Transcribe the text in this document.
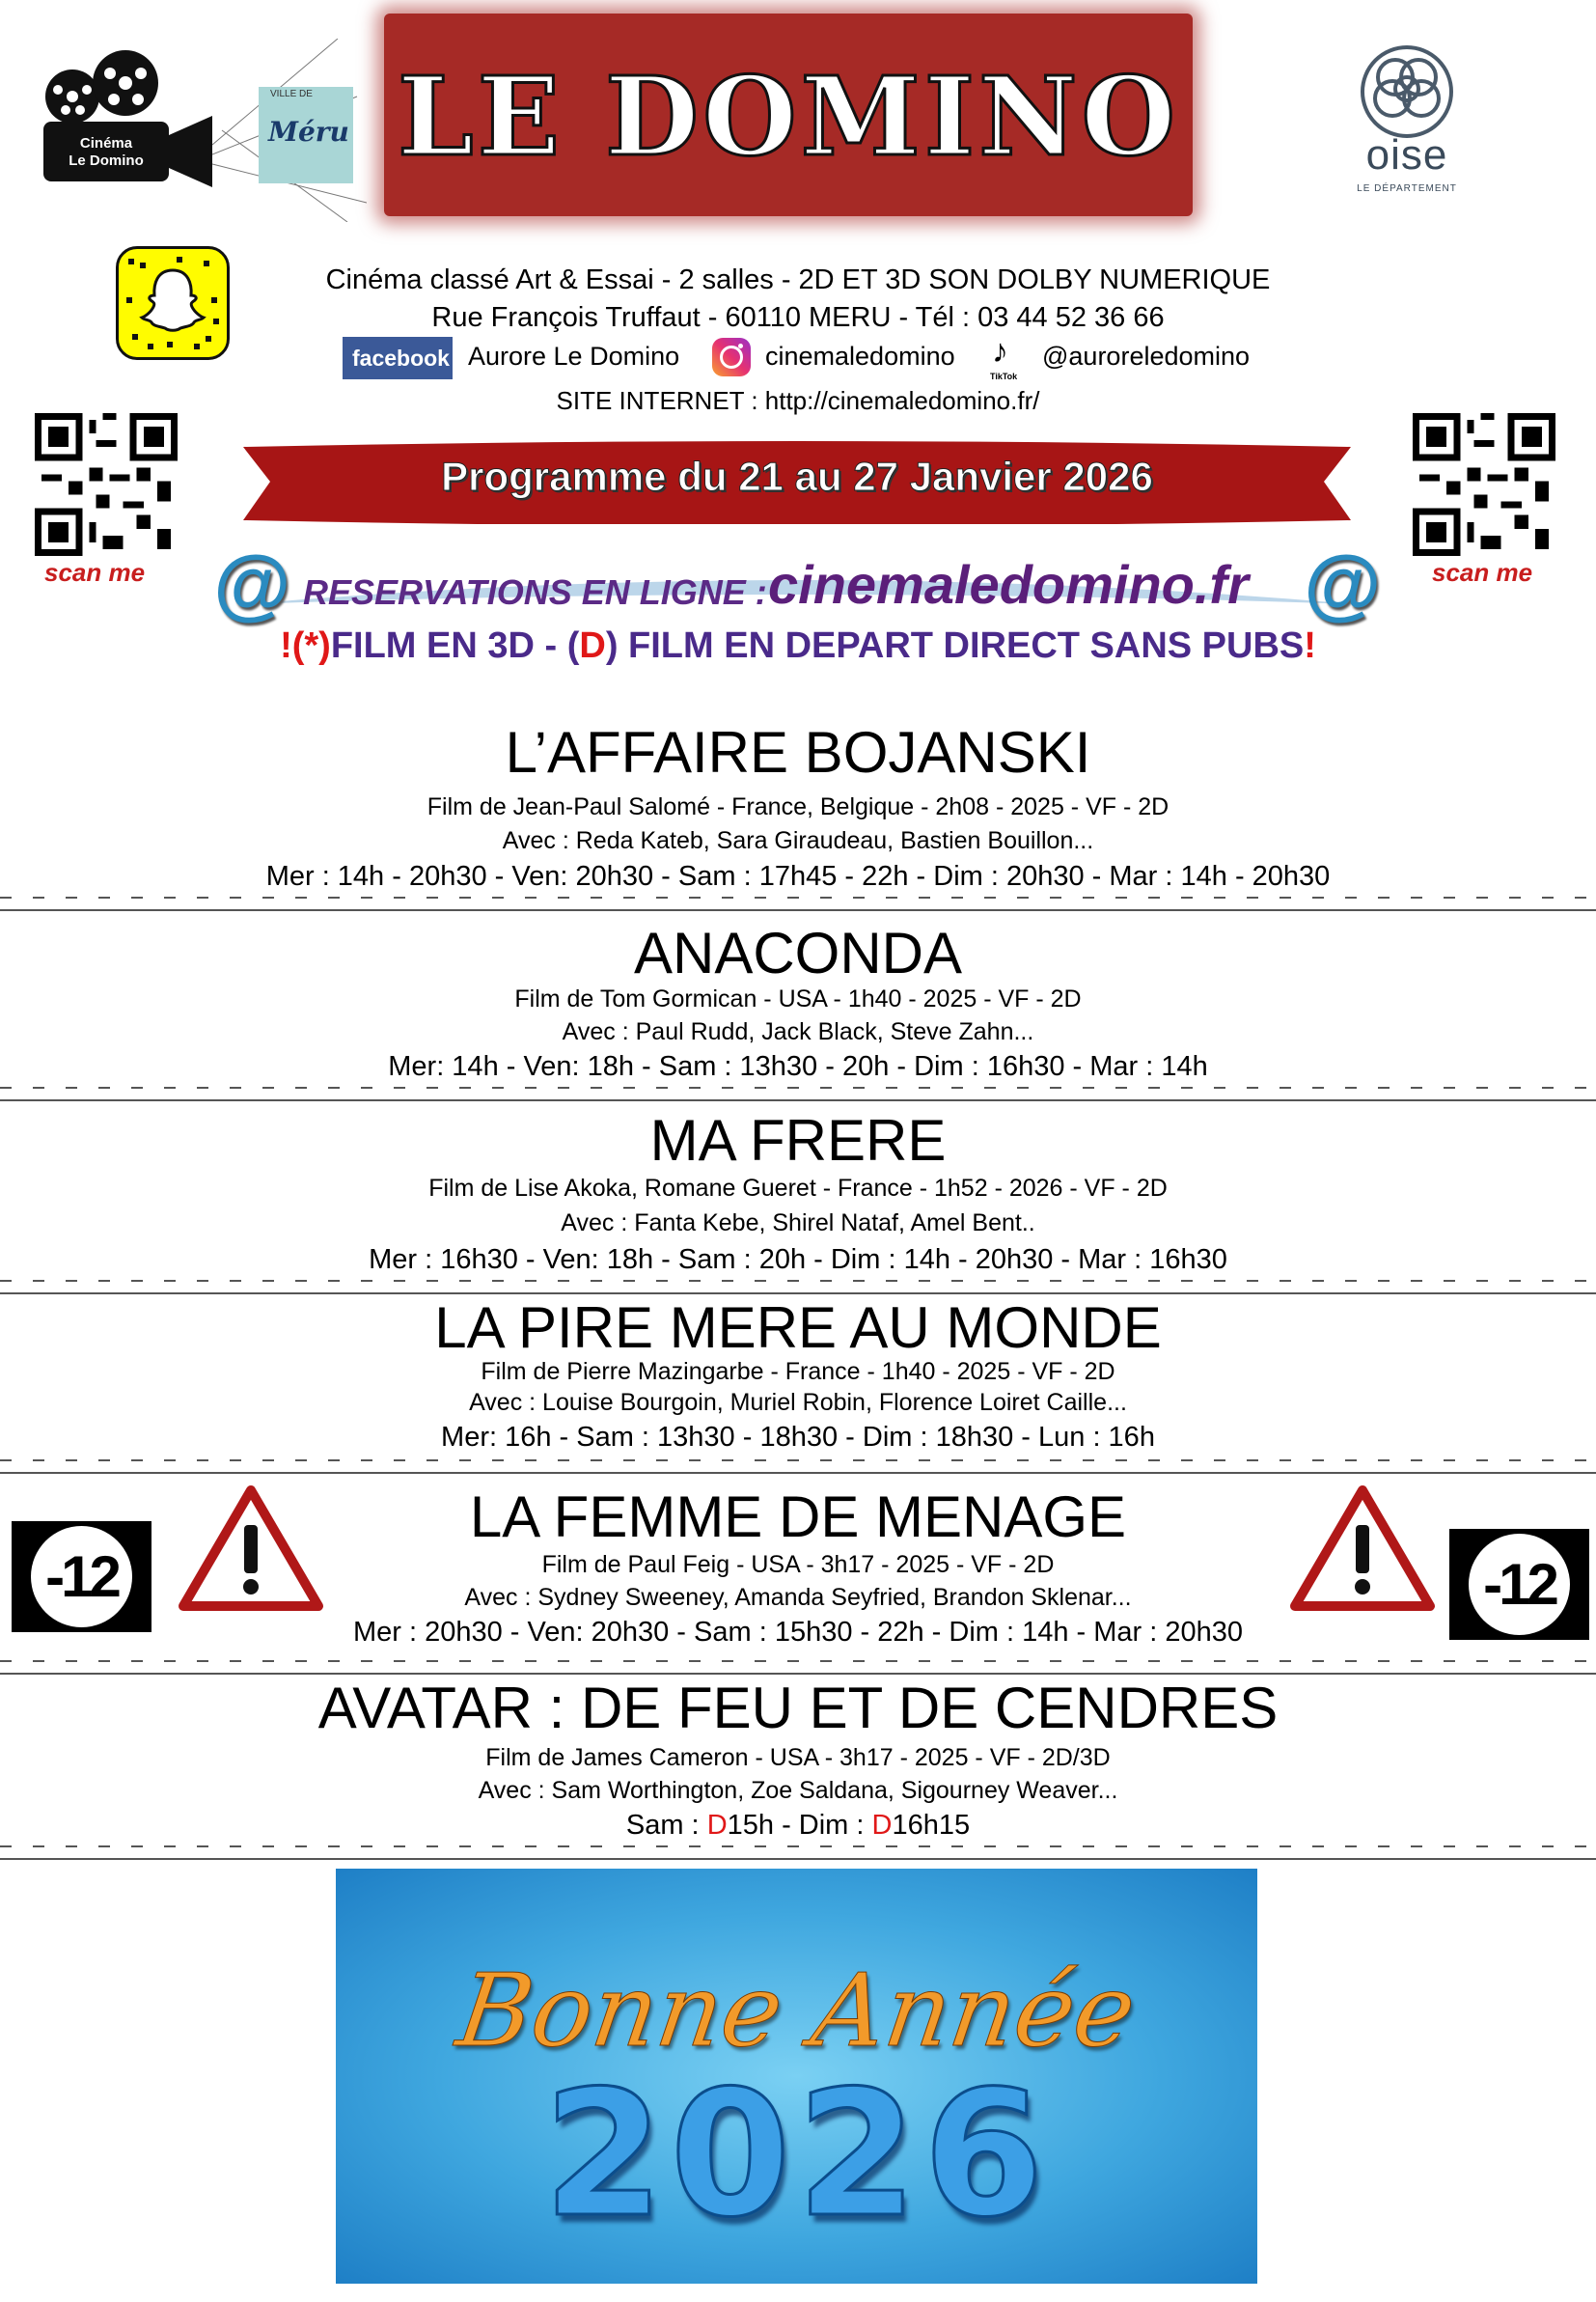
Cinéma
Le Domino
VILLE DE
Méru LE DOMINO	oise
LE DÉPARTEMENT
Cinéma classé Art & Essai - 2 salles - 2D ET 3D SON DOLBY NUMERIQUE
Rue François Truffaut - 60110 MERU - Tél : 03 44 52 36 66
facebook Aurore Le Domino	cinemaledomino ♪
TikTok
@auroreledomino
SITE INTERNET : http://cinemaledomino.fr/
scan me	scan me
Programme du 21 au 27 Janvier 2026
@ RESERVATIONS EN LIGNE : cinemaledomino.fr @
!(*)FILM EN 3D - (D) FILM EN DEPART DIRECT SANS PUBS!
L’AFFAIRE BOJANSKI
Film de Jean-Paul Salomé - France, Belgique - 2h08 - 2025 - VF - 2D
Avec : Reda Kateb, Sara Giraudeau, Bastien Bouillon...
Mer : 14h - 20h30 - Ven: 20h30 - Sam : 17h45 - 22h - Dim : 20h30 - Mar : 14h - 20h30
ANACONDA
Film de Tom Gormican - USA - 1h40 - 2025 - VF - 2D
Avec : Paul Rudd, Jack Black, Steve Zahn...
Mer: 14h - Ven: 18h - Sam : 13h30 - 20h - Dim : 16h30 - Mar : 14h
MA FRERE
Film de Lise Akoka, Romane Gueret - France - 1h52 - 2026 - VF - 2D
Avec : Fanta Kebe, Shirel Nataf, Amel Bent..
Mer : 16h30 - Ven: 18h - Sam : 20h - Dim : 14h - 20h30 - Mar : 16h30
LA PIRE MERE AU MONDE
Film de Pierre Mazingarbe - France - 1h40 - 2025 - VF - 2D
Avec : Louise Bourgoin, Muriel Robin, Florence Loiret Caille...
Mer: 16h - Sam : 13h30 - 18h30 - Dim : 18h30 - Lun : 16h
-12
LA FEMME DE MENAGE
Film de Paul Feig - USA - 3h17 - 2025 - VF - 2D
Avec : Sydney Sweeney, Amanda Seyfried, Brandon Sklenar...
Mer : 20h30 - Ven: 20h30 - Sam : 15h30 - 22h - Dim : 14h - Mar : 20h30
-12
AVATAR : DE FEU ET DE CENDRES
Film de James Cameron - USA - 3h17 - 2025 - VF - 2D/3D
Avec : Sam Worthington, Zoe Saldana, Sigourney Weaver...
Sam : D15h - Dim : D16h15
Bonne Année
2026
